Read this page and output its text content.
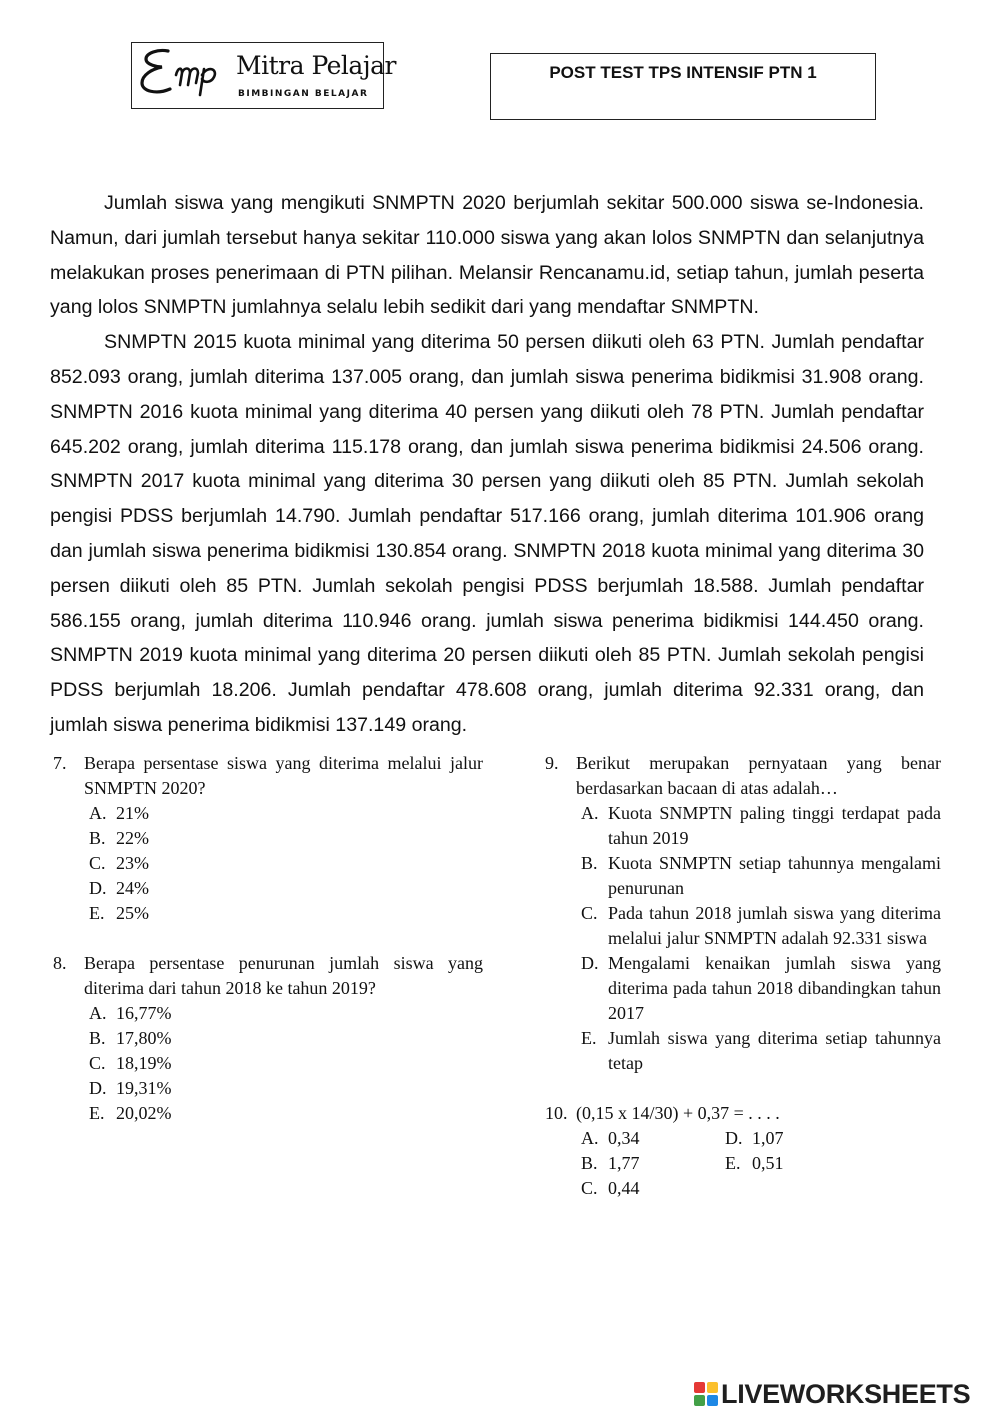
Mitra Pelajar
BIMBINGAN BELAJAR
POST TEST TPS INTENSIF PTN 1

Jumlah siswa yang mengikuti SNMPTN 2020 berjumlah sekitar 500.000 siswa se-Indonesia. Namun, dari jumlah tersebut hanya sekitar 110.000 siswa yang akan lolos SNMPTN dan selanjutnya melakukan proses penerimaan di PTN pilihan. Melansir Rencanamu.id, setiap tahun, jumlah peserta yang lolos SNMPTN jumlahnya selalu lebih sedikit dari yang mendaftar SNMPTN.

SNMPTN 2015 kuota minimal yang diterima 50 persen diikuti oleh 63 PTN. Jumlah pendaftar 852.093 orang, jumlah diterima 137.005 orang, dan jumlah siswa penerima bidikmisi 31.908 orang. SNMPTN 2016 kuota minimal yang diterima 40 persen yang diikuti oleh 78 PTN. Jumlah pendaftar 645.202 orang, jumlah diterima 115.178 orang, dan jumlah siswa penerima bidikmisi 24.506 orang. SNMPTN 2017 kuota minimal yang diterima 30 persen yang diikuti oleh 85 PTN. Jumlah sekolah pengisi PDSS berjumlah 14.790. Jumlah pendaftar 517.166 orang, jumlah diterima 101.906 orang dan jumlah siswa penerima bidikmisi 130.854 orang. SNMPTN 2018 kuota minimal yang diterima 30 persen diikuti oleh 85 PTN. Jumlah sekolah pengisi PDSS berjumlah 18.588. Jumlah pendaftar 586.155 orang, jumlah diterima 110.946 orang. jumlah siswa penerima bidikmisi 144.450 orang. SNMPTN 2019 kuota minimal yang diterima 20 persen diikuti oleh 85 PTN. Jumlah sekolah pengisi PDSS berjumlah 18.206. Jumlah pendaftar 478.608 orang, jumlah diterima 92.331 orang, dan jumlah siswa penerima bidikmisi 137.149 orang.

7. Berapa persentase siswa yang diterima melalui jalur SNMPTN 2020?
A. 21%
B. 22%
C. 23%
D. 24%
E. 25%
8. Berapa persentase penurunan jumlah siswa yang diterima dari tahun 2018 ke tahun 2019?
A. 16,77%
B. 17,80%
C. 18,19%
D. 19,31%
E. 20,02%
9. Berikut merupakan pernyataan yang benar berdasarkan bacaan di atas adalah…
A. Kuota SNMPTN paling tinggi terdapat pada tahun 2019
B. Kuota SNMPTN setiap tahunnya mengalami penurunan
C. Pada tahun 2018 jumlah siswa yang diterima melalui jalur SNMPTN adalah 92.331 siswa
D. Mengalami kenaikan jumlah siswa yang diterima pada tahun 2018 dibandingkan tahun 2017
E. Jumlah siswa yang diterima setiap tahunnya tetap
10. (0,15 x 14/30) + 0,37 = . . . .
A. 0,34	D. 1,07
B. 1,77	E. 0,51
C. 0,44
LIVEWORKSHEETS
